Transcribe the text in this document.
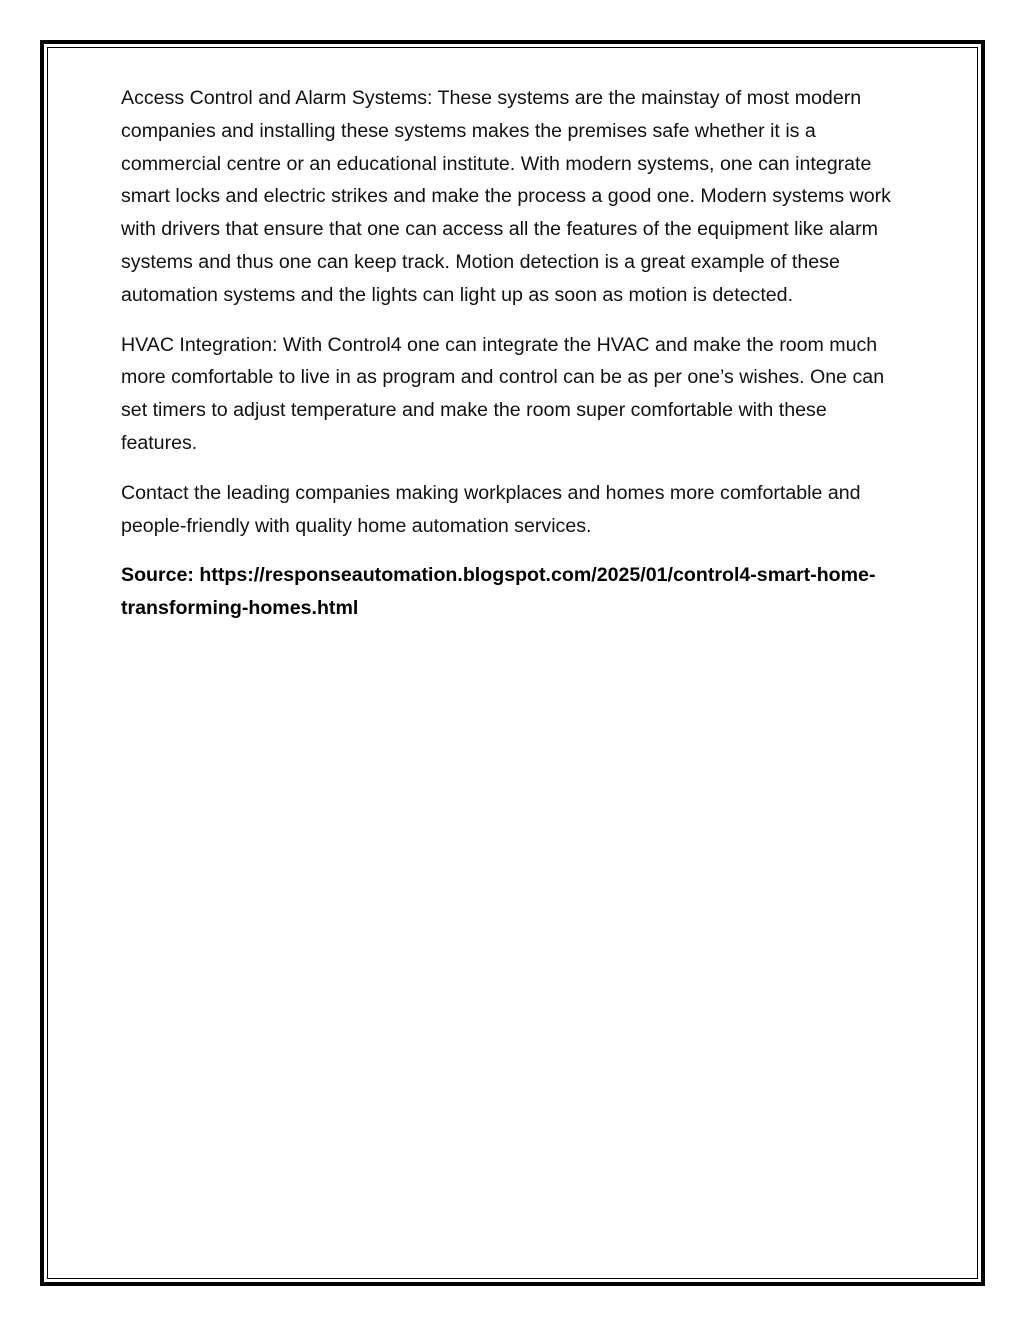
Access Control and Alarm Systems: These systems are the mainstay of most modern companies and installing these systems makes the premises safe whether it is a commercial centre or an educational institute. With modern systems, one can integrate smart locks and electric strikes and make the process a good one. Modern systems work with drivers that ensure that one can access all the features of the equipment like alarm systems and thus one can keep track. Motion detection is a great example of these automation systems and the lights can light up as soon as motion is detected.

HVAC Integration: With Control4 one can integrate the HVAC and make the room much more comfortable to live in as program and control can be as per one’s wishes. One can set timers to adjust temperature and make the room super comfortable with these features.

Contact the leading companies making workplaces and homes more comfortable and people-friendly with quality home automation services.

Source: https://responseautomation.blogspot.com/2025/01/control4-smart-home-transforming-homes.html
